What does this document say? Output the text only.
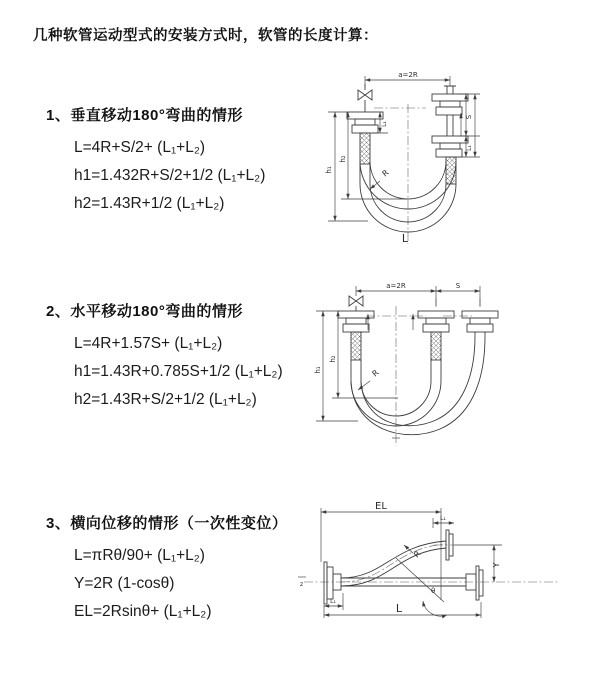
几种软管运动型式的安装方式时，软管的长度计算：
1、垂直移动180°弯曲的情形
L=4R+S/2+ (L₁+L₂)
h1=1.432R+S/2+1/2 (L₁+L₂)
h2=1.43R+1/2 (L₁+L₂)
2、水平移动180°弯曲的情形
L=4R+1.57S+ (L₁+L₂)
h1=1.43R+0.785S+1/2 (L₁+L₂)
h2=1.43R+S/2+1/2 (L₁+L₂)
3、横向位移的情形（一次性变位）
L=πRθ/90+ (L₁+L₂)
Y=2R (1-cosθ)
EL=2Rsinθ+ (L₁+L₂)
a=2R
h₁
h₂
L₁
S
L₁
R
L
a=2R	S
h₁
h₂
R
EL
L₁
Y
R
θ
L
L₁
z
